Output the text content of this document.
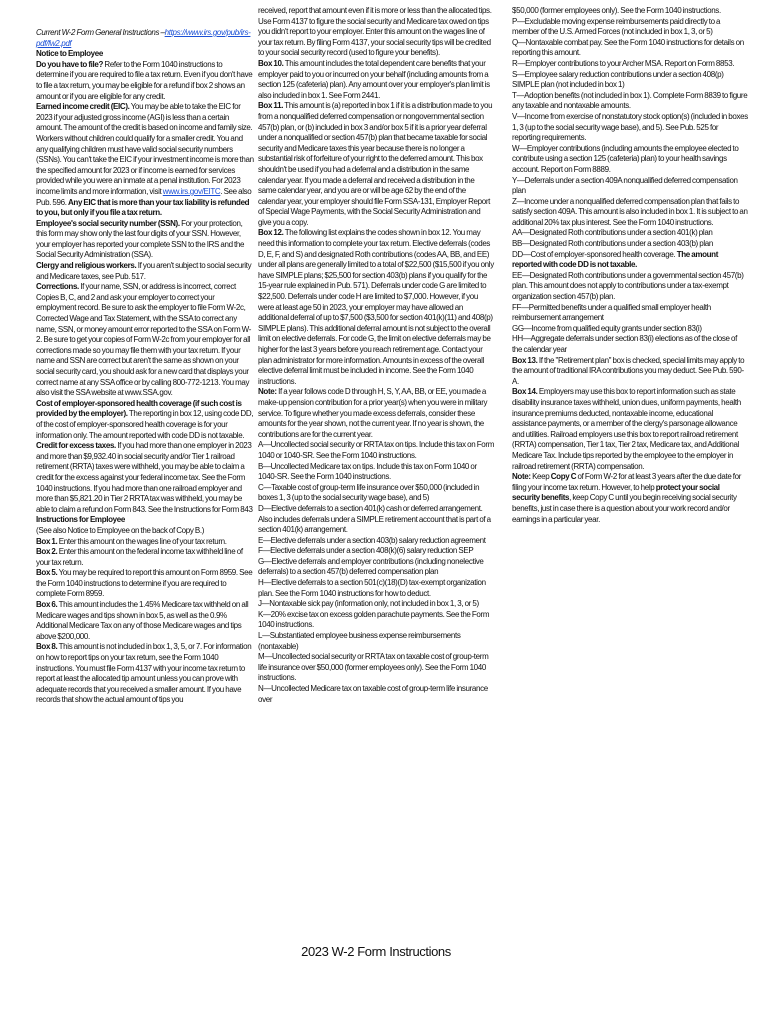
Current W-2 Form General Instructions –https://www.irs.gov/pub/irs-pdf/fw2.pdf

Notice to Employee

Do you have to file? Refer to the Form 1040 instructions to determine if you are required to file a tax return. Even if you don't have to file a tax return, you may be eligible for a refund if box 2 shows an amount or if you are eligible for any credit.

Earned income credit (EIC). You may be able to take the EIC for 2023 if your adjusted gross income (AGI) is less than a certain amount. The amount of the credit is based on income and family size. Workers without children could qualify for a smaller credit. You and any qualifying children must have valid social security numbers (SSNs). You can't take the EIC if your investment income is more than the specified amount for 2023 or if income is earned for services provided while you were an inmate at a penal institution. For 2023 income limits and more information, visit www.irs.gov/EITC. See also Pub. 596. Any EIC that is more than your tax liability is refunded to you, but only if you file a tax return.

Employee's social security number (SSN). For your protection, this form may show only the last four digits of your SSN. However, your employer has reported your complete SSN to the IRS and the Social Security Administration (SSA).

Clergy and religious workers. If you aren't subject to social security and Medicare taxes, see Pub. 517.

Corrections. If your name, SSN, or address is incorrect, correct Copies B, C, and 2 and ask your employer to correct your employment record. Be sure to ask the employer to file Form W-2c, Corrected Wage and Tax Statement, with the SSA to correct any name, SSN, or money amount error reported to the SSA on Form W-2. Be sure to get your copies of Form W-2c from your employer for all corrections made so you may file them with your tax return. If your name and SSN are correct but aren't the same as shown on your social security card, you should ask for a new card that displays your correct name at any SSA office or by calling 800-772-1213. You may also visit the SSA website at www.SSA.gov.

Cost of employer-sponsored health coverage (if such cost is provided by the employer). The reporting in box 12, using code DD, of the cost of employer-sponsored health coverage is for your information only. The amount reported with code DD is not taxable.

Credit for excess taxes. If you had more than one employer in 2023 and more than $9,932.40 in social security and/or Tier 1 railroad retirement (RRTA) taxes were withheld, you may be able to claim a credit for the excess against your federal income tax. See the Form 1040 instructions. If you had more than one railroad employer and more than $5,821.20 in Tier 2 RRTA tax was withheld, you may be able to claim a refund on Form 843. See the Instructions for Form 843

Instructions for Employee

(See also Notice to Employee on the back of Copy B.)

Box 1. Enter this amount on the wages line of your tax return.

Box 2. Enter this amount on the federal income tax withheld line of your tax return.

Box 5. You may be required to report this amount on Form 8959. See the Form 1040 instructions to determine if you are required to complete Form 8959.

Box 6. This amount includes the 1.45% Medicare tax withheld on all Medicare wages and tips shown in box 5, as well as the 0.9% Additional Medicare Tax on any of those Medicare wages and tips above $200,000.

Box 8. This amount is not included in box 1, 3, 5, or 7. For information on how to report tips on your tax return, see the Form 1040 instructions. You must file Form 4137 with your income tax return to report at least the allocated tip amount unless you can prove with adequate records that you received a smaller amount. If you have records that show the actual amount of tips you

received, report that amount even if it is more or less than the allocated tips. Use Form 4137 to figure the social security and Medicare tax owed on tips you didn't report to your employer. Enter this amount on the wages line of your tax return. By filing Form 4137, your social security tips will be credited to your social security record (used to figure your benefits).

Box 10. This amount includes the total dependent care benefits that your employer paid to you or incurred on your behalf (including amounts from a section 125 (cafeteria) plan). Any amount over your employer's plan limit is also included in box 1. See Form 2441.

Box 11. This amount is (a) reported in box 1 if it is a distribution made to you from a nonqualified deferred compensation or nongovernmental section 457(b) plan, or (b) included in box 3 and/or box 5 if it is a prior year deferral under a nonqualified or section 457(b) plan that became taxable for social security and Medicare taxes this year because there is no longer a substantial risk of forfeiture of your right to the deferred amount. This box shouldn't be used if you had a deferral and a distribution in the same calendar year. If you made a deferral and received a distribution in the same calendar year, and you are or will be age 62 by the end of the calendar year, your employer should file Form SSA-131, Employer Report of Special Wage Payments, with the Social Security Administration and give you a copy.

Box 12. The following list explains the codes shown in box 12. You may need this information to complete your tax return. Elective deferrals (codes D, E, F, and S) and designated Roth contributions (codes AA, BB, and EE) under all plans are generally limited to a total of $22,500 ($15,500 if you only have SIMPLE plans; $25,500 for section 403(b) plans if you qualify for the 15-year rule explained in Pub. 571). Deferrals under code G are limited to $22,500. Deferrals under code H are limited to $7,000. However, if you were at least age 50 in 2023, your employer may have allowed an additional deferral of up to $7,500 ($3,500 for section 401(k)(11) and 408(p) SIMPLE plans). This additional deferral amount is not subject to the overall limit on elective deferrals. For code G, the limit on elective deferrals may be higher for the last 3 years before you reach retirement age. Contact your plan administrator for more information. Amounts in excess of the overall elective deferral limit must be included in income. See the Form 1040 instructions.

Note: If a year follows code D through H, S, Y, AA, BB, or EE, you made a make-up pension contribution for a prior year(s) when you were in military service. To figure whether you made excess deferrals, consider these amounts for the year shown, not the current year. If no year is shown, the contributions are for the current year.

A—Uncollected social security or RRTA tax on tips. Include this tax on Form 1040 or 1040-SR. See the Form 1040 instructions.

B—Uncollected Medicare tax on tips. Include this tax on Form 1040 or 1040-SR. See the Form 1040 instructions.

C—Taxable cost of group-term life insurance over $50,000 (included in boxes 1, 3 (up to the social security wage base), and 5)

D—Elective deferrals to a section 401(k) cash or deferred arrangement. Also includes deferrals under a SIMPLE retirement account that is part of a section 401(k) arrangement.

E—Elective deferrals under a section 403(b) salary reduction agreement

F—Elective deferrals under a section 408(k)(6) salary reduction SEP

G—Elective deferrals and employer contributions (including nonelective deferrals) to a section 457(b) deferred compensation plan

H—Elective deferrals to a section 501(c)(18)(D) tax-exempt organization plan. See the Form 1040 instructions for how to deduct.

J—Nontaxable sick pay (information only, not included in box 1, 3, or 5)

K—20% excise tax on excess golden parachute payments. See the Form 1040 instructions.

L—Substantiated employee business expense reimbursements (nontaxable)

M—Uncollected social security or RRTA tax on taxable cost of group-term life insurance over $50,000 (former employees only). See the Form 1040 instructions.

N—Uncollected Medicare tax on taxable cost of group-term life insurance over

$50,000 (former employees only). See the Form 1040 instructions.

P—Excludable moving expense reimbursements paid directly to a member of the U.S. Armed Forces (not included in box 1, 3, or 5)

Q—Nontaxable combat pay. See the Form 1040 instructions for details on reporting this amount.

R—Employer contributions to your Archer MSA. Report on Form 8853.

S—Employee salary reduction contributions under a section 408(p) SIMPLE plan (not included in box 1)

T—Adoption benefits (not included in box 1). Complete Form 8839 to figure any taxable and nontaxable amounts.

V—Income from exercise of nonstatutory stock option(s) (included in boxes 1, 3 (up to the social security wage base), and 5). See Pub. 525 for reporting requirements.

W—Employer contributions (including amounts the employee elected to contribute using a section 125 (cafeteria) plan) to your health savings account. Report on Form 8889.

Y—Deferrals under a section 409A nonqualified deferred compensation plan

Z—Income under a nonqualified deferred compensation plan that fails to satisfy section 409A. This amount is also included in box 1. It is subject to an additional 20% tax plus interest. See the Form 1040 instructions.

AA—Designated Roth contributions under a section 401(k) plan

BB—Designated Roth contributions under a section 403(b) plan

DD—Cost of employer-sponsored health coverage. The amount reported with code DD is not taxable.

EE—Designated Roth contributions under a governmental section 457(b) plan. This amount does not apply to contributions under a tax-exempt organization section 457(b) plan.

FF—Permitted benefits under a qualified small employer health reimbursement arrangement

GG—Income from qualified equity grants under section 83(i)

HH—Aggregate deferrals under section 83(i) elections as of the close of the calendar year

Box 13. If the "Retirement plan" box is checked, special limits may apply to the amount of traditional IRA contributions you may deduct. See Pub. 590-A.

Box 14. Employers may use this box to report information such as state disability insurance taxes withheld, union dues, uniform payments, health insurance premiums deducted, nontaxable income, educational assistance payments, or a member of the clergy's parsonage allowance and utilities. Railroad employers use this box to report railroad retirement (RRTA) compensation, Tier 1 tax, Tier 2 tax, Medicare tax, and Additional Medicare Tax. Include tips reported by the employee to the employer in railroad retirement (RRTA) compensation.

Note: Keep Copy C of Form W-2 for at least 3 years after the due date for filing your income tax return. However, to help protect your social security benefits, keep Copy C until you begin receiving social security benefits, just in case there is a question about your work record and/or earnings in a particular year.

2023 W-2 Form Instructions
